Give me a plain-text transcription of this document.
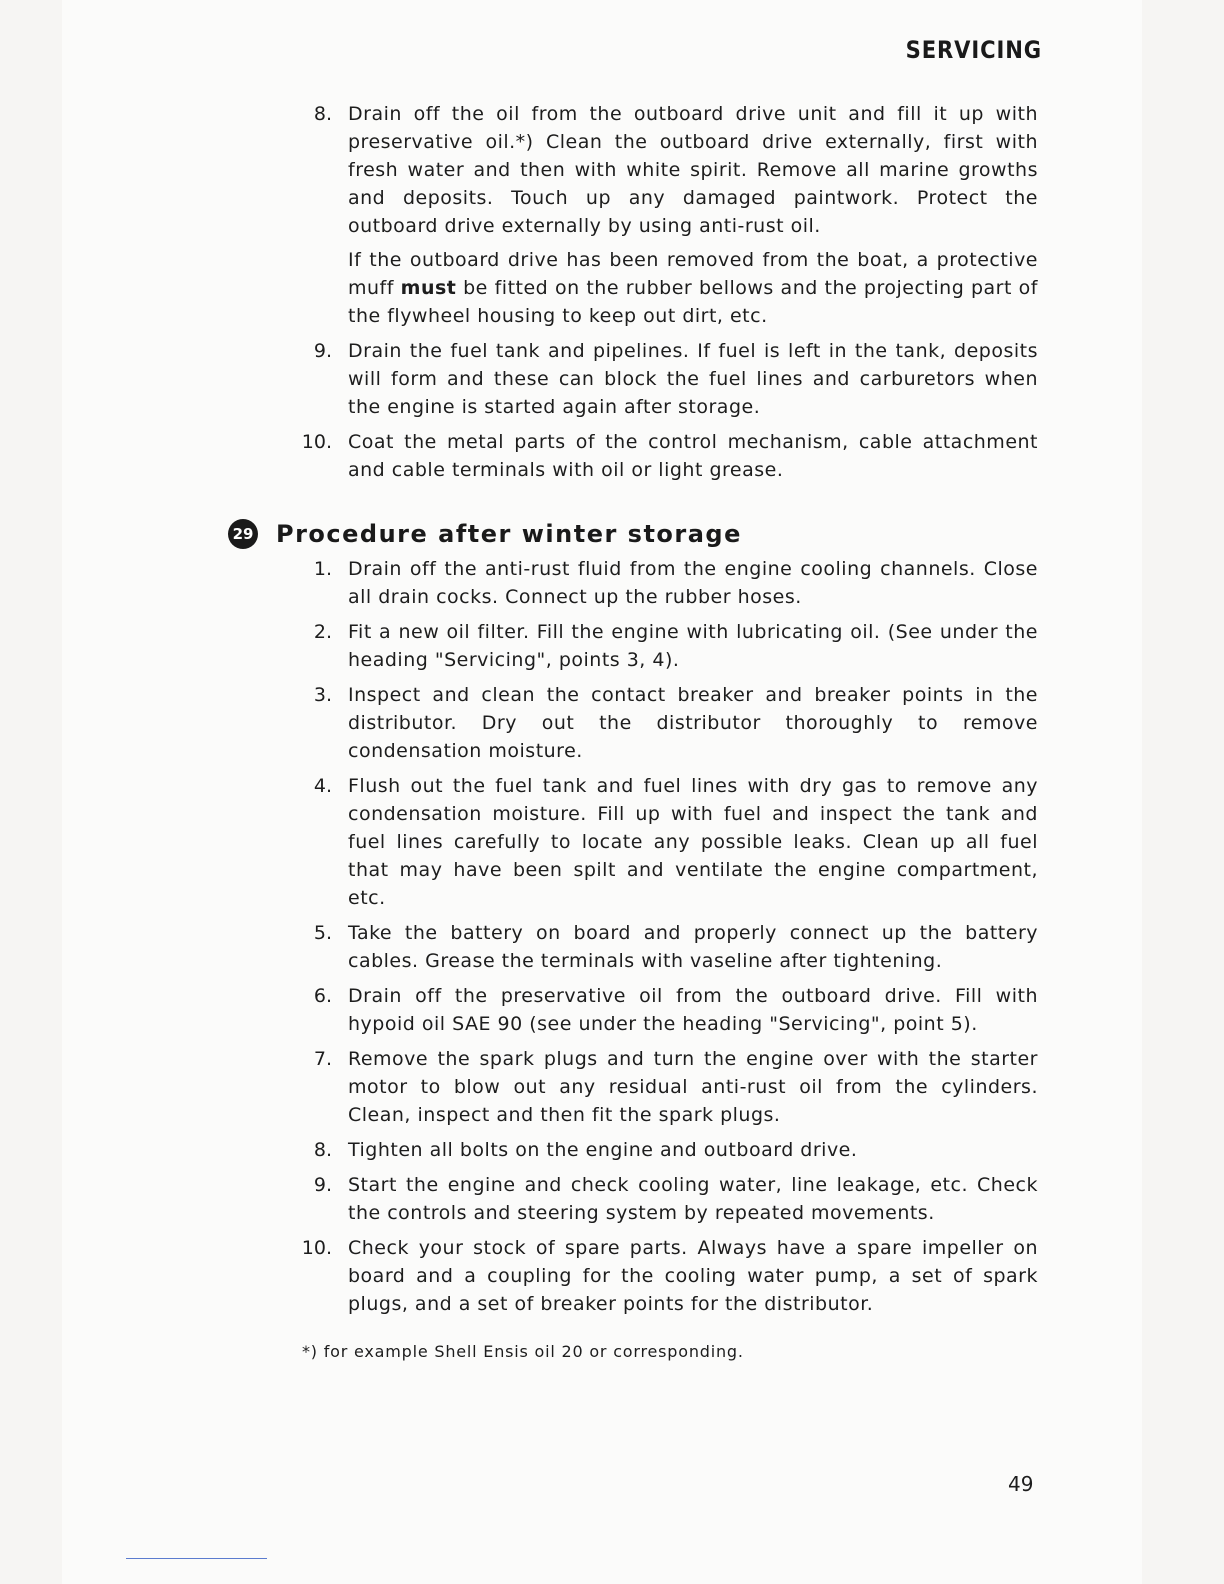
SERVICING
8. Drain off the oil from the outboard drive unit and fill it up with preservative oil.*) Clean the outboard drive externally, first with fresh water and then with white spirit. Remove all marine growths and deposits. Touch up any damaged paintwork. Protect the outboard drive externally by using anti-rust oil.
If the outboard drive has been removed from the boat, a protective muff must be fitted on the rubber bellows and the projecting part of the flywheel housing to keep out dirt, etc.
9. Drain the fuel tank and pipelines. If fuel is left in the tank, deposits will form and these can block the fuel lines and carburetors when the engine is started again after storage.
10. Coat the metal parts of the control mechanism, cable attachment and cable terminals with oil or light grease.
29 Procedure after winter storage
1. Drain off the anti-rust fluid from the engine cooling channels. Close all drain cocks. Connect up the rubber hoses.
2. Fit a new oil filter. Fill the engine with lubricating oil. (See under the heading "Servicing", points 3, 4).
3. Inspect and clean the contact breaker and breaker points in the distributor. Dry out the distributor thoroughly to remove condensation moisture.
4. Flush out the fuel tank and fuel lines with dry gas to remove any condensation moisture. Fill up with fuel and inspect the tank and fuel lines carefully to locate any possible leaks. Clean up all fuel that may have been spilt and ventilate the engine compartment, etc.
5. Take the battery on board and properly connect up the battery cables. Grease the terminals with vaseline after tightening.
6. Drain off the preservative oil from the outboard drive. Fill with hypoid oil SAE 90 (see under the heading "Servicing", point 5).
7. Remove the spark plugs and turn the engine over with the starter motor to blow out any residual anti-rust oil from the cylinders. Clean, inspect and then fit the spark plugs.
8. Tighten all bolts on the engine and outboard drive.
9. Start the engine and check cooling water, line leakage, etc. Check the controls and steering system by repeated movements.
10. Check your stock of spare parts. Always have a spare impeller on board and a coupling for the cooling water pump, a set of spark plugs, and a set of breaker points for the distributor.
*) for example Shell Ensis oil 20 or corresponding.
49
